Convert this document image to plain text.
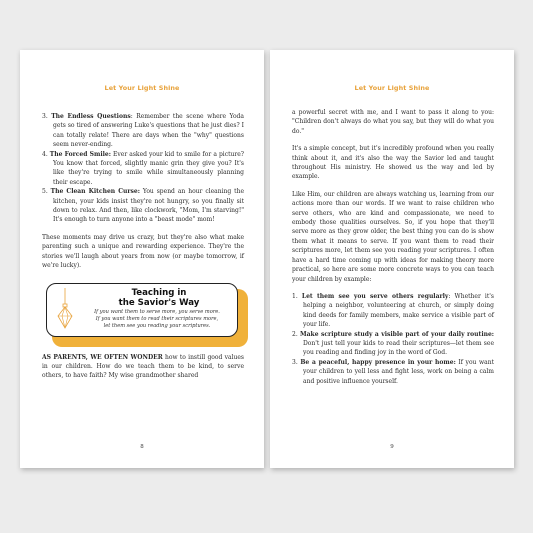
Let Your Light Shine
3. The Endless Questions: Remember the scene where Yoda gets so tired of answering Luke's questions that he just dies? I can totally relate! There are days when the "why" questions seem never-ending.
4. The Forced Smile: Ever asked your kid to smile for a picture? You know that forced, slightly manic grin they give you? It's like they're trying to smile while simultaneously planning their escape.
5. The Clean Kitchen Curse: You spend an hour cleaning the kitchen, your kids insist they're not hungry, so you finally sit down to relax. And then, like clockwork, "Mom, I'm starving!" It's enough to turn anyone into a "beast mode" mom!

These moments may drive us crazy, but they're also what make parenting such a unique and rewarding experience. They're the stories we'll laugh about years from now (or maybe tomorrow, if we're lucky).

Teaching in
the Savior's Way
If you want them to serve more, you serve more.
If you want them to read their scriptures more,
let them see you reading your scriptures.

AS PARENTS, WE OFTEN WONDER how to instill good values in our children. How do we teach them to be kind, to serve others, to have faith? My wise grandmother shared

8
Let Your Light Shine

a powerful secret with me, and I want to pass it along to you: "Children don't always do what you say, but they will do what you do."

It's a simple concept, but it's incredibly profound when you really think about it, and it's also the way the Savior led and taught throughout His ministry. He showed us the way and led by example.

Like Him, our children are always watching us, learning from our actions more than our words. If we want to raise children who serve others, who are kind and compassionate, we need to embody those qualities ourselves. So, if you hope that they'll serve more as they grow older, the best thing you can do is show them what it means to serve. If you want them to read their scriptures more, let them see you reading your scriptures. I often have a hard time coming up with ideas for making theory more practical, so here are some more concrete ways to you can teach your children by example:

1. Let them see you serve others regularly: Whether it's helping a neighbor, volunteering at church, or simply doing kind deeds for family members, make service a visible part of your life.
2. Make scripture study a visible part of your daily routine: Don't just tell your kids to read their scriptures—let them see you reading and finding joy in the word of God.
3. Be a peaceful, happy presence in your home: If you want your children to yell less and fight less, work on being a calm and positive influence yourself.
9
